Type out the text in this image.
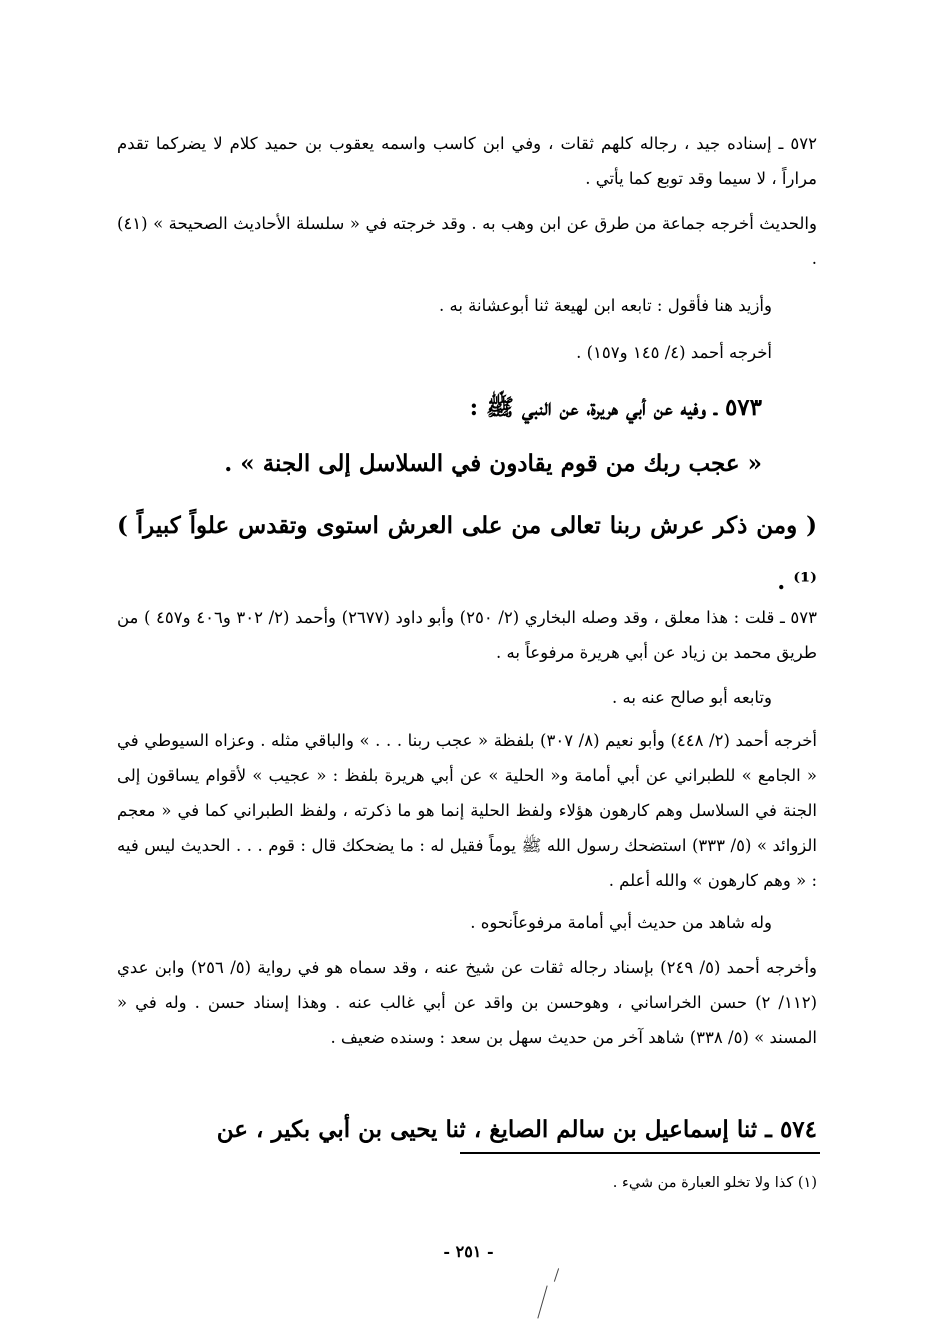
٥٧٢ ـ إسناده جيد ، رجاله كلهم ثقات ، وفي ابن كاسب واسمه يعقوب بن حميد كلام لا يضركما تقدم مراراً ، لا سيما وقد توبع كما يأتي .

والحديث أخرجه جماعة من طرق عن ابن وهب به . وقد خرجته في « سلسلة الأحاديث الصحيحة » (٤١) .

وأزيد هنا فأقول : تابعه ابن لهيعة ثنا أبوعشانة به .

أخرجه أحمد (٤/ ١٤٥ و١٥٧) .

٥٧٣ ـ وفيه عن أبي هريرة، عن النبي ﷺ :

« عجب ربك من قوم يقادون في السلاسل إلى الجنة » .

( ومن ذكر عرش ربنا تعالى من على العرش استوى وتقدس علواً كبيراً ) ⁽¹⁾ .

٥٧٣ ـ قلت : هذا معلق ، وقد وصله البخاري (٢/ ٢٥٠) وأبو داود (٢٦٧٧) وأحمد (٢/ ٣٠٢ و٤٠٦ و٤٥٧ ) من طريق محمد بن زياد عن أبي هريرة مرفوعاً به .

وتابعه أبو صالح عنه به .

أخرجه أحمد (٢/ ٤٤٨) وأبو نعيم (٨/ ٣٠٧) بلفظة « عجب ربنا . . . » والباقي مثله . وعزاه السيوطي في « الجامع » للطبراني عن أبي أمامة و« الحلية » عن أبي هريرة بلفظ : « عجيب » لأقوام يساقون إلى الجنة في السلاسل وهم كارهون هؤلاء ولفظ الحلية إنما هو ما ذكرته ، ولفظ الطبراني كما في « معجم الزوائد » (٥/ ٣٣٣) استضحك رسول الله ﷺ يوماً فقيل له : ما يضحكك قال : قوم . . . الحديث ليس فيه : « وهم كارهون » والله أعلم .

وله شاهد من حديث أبي أمامة مرفوعاًنحوه .

وأخرجه أحمد (٥/ ٢٤٩) بإسناد رجاله ثقات عن شيخ عنه ، وقد سماه هو في رواية (٥/ ٢٥٦) وابن عدي (١١٢/ ٢) حسن الخراساني ، وهوحسن بن واقد عن أبي غالب عنه . وهذا إسناد حسن . وله في « المسند » (٥/ ٣٣٨) شاهد آخر من حديث سهل بن سعد : وسنده ضعيف .

٥٧٤ ـ ثنا إسماعيل بن سالم الصايغ ، ثنا يحيى بن أبي بكير ، عن

(١) كذا ولا تخلو العبارة من شيء .

- ٢٥١ -
